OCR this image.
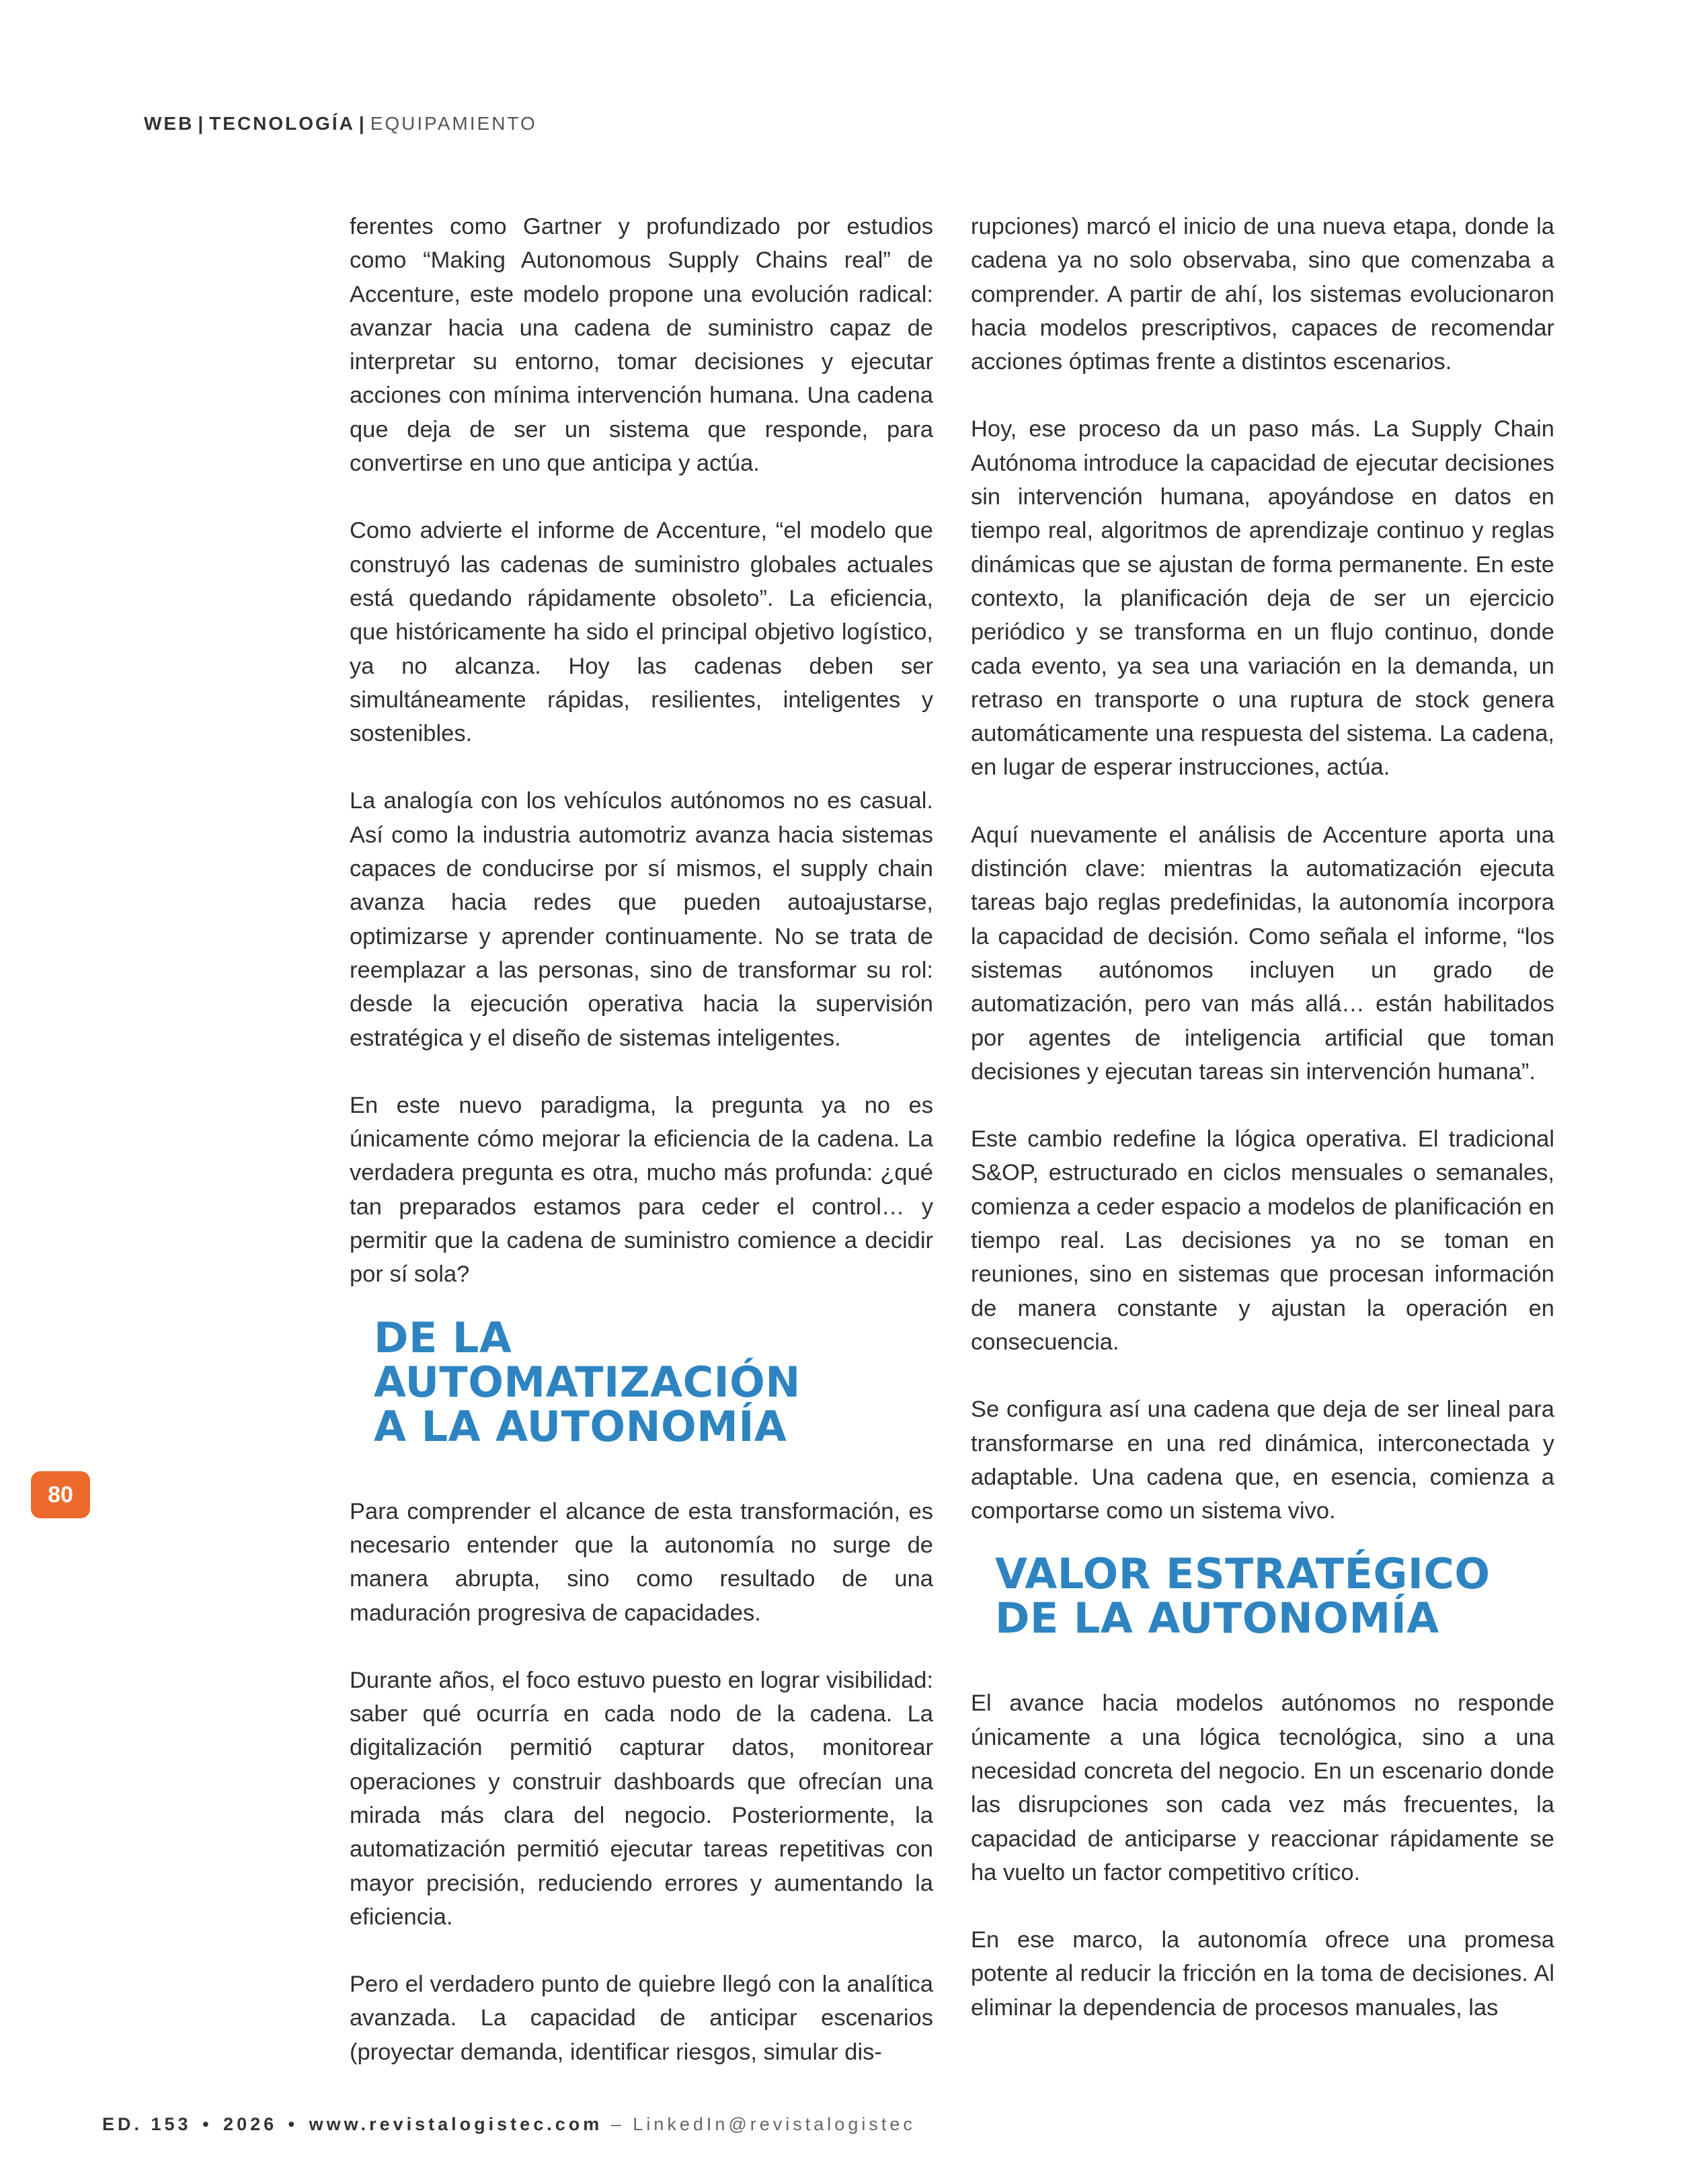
WEB | TECNOLOGÍA | EQUIPAMIENTO

ferentes como Gartner y profundizado por estudios como “Making Autonomous Supply Chains real” de Accenture, este modelo propone una evolución radical: avanzar hacia una cadena de suministro capaz de interpretar su entorno, tomar decisiones y ejecutar acciones con mínima intervención humana. Una cadena que deja de ser un sistema que responde, para convertirse en uno que anticipa y actúa.

Como advierte el informe de Accenture, “el modelo que construyó las cadenas de suministro globales actuales está quedando rápidamente obsoleto”. La eficiencia, que históricamente ha sido el principal objetivo logístico, ya no alcanza. Hoy las cadenas deben ser simultáneamente rápidas, resilientes, inteligentes y sostenibles.

La analogía con los vehículos autónomos no es casual. Así como la industria automotriz avanza hacia sistemas capaces de conducirse por sí mismos, el supply chain avanza hacia redes que pueden autoajustarse, optimizarse y aprender continuamente. No se trata de reemplazar a las personas, sino de transformar su rol: desde la ejecución operativa hacia la supervisión estratégica y el diseño de sistemas inteligentes.

En este nuevo paradigma, la pregunta ya no es únicamente cómo mejorar la eficiencia de la cadena. La verdadera pregunta es otra, mucho más profunda: ¿qué tan preparados estamos para ceder el control… y permitir que la cadena de suministro comience a decidir por sí sola?

DE LA AUTOMATIZACIÓN
A LA AUTONOMÍA

Para comprender el alcance de esta transformación, es necesario entender que la autonomía no surge de manera abrupta, sino como resultado de una maduración progresiva de capacidades.

Durante años, el foco estuvo puesto en lograr visibilidad: saber qué ocurría en cada nodo de la cadena. La digitalización permitió capturar datos, monitorear operaciones y construir dashboards que ofrecían una mirada más clara del negocio. Posteriormente, la automatización permitió ejecutar tareas repetitivas con mayor precisión, reduciendo errores y aumentando la eficiencia.

Pero el verdadero punto de quiebre llegó con la analítica avanzada. La capacidad de anticipar escenarios (proyectar demanda, identificar riesgos, simular dis-

rupciones) marcó el inicio de una nueva etapa, donde la cadena ya no solo observaba, sino que comenzaba a comprender. A partir de ahí, los sistemas evolucionaron hacia modelos prescriptivos, capaces de recomendar acciones óptimas frente a distintos escenarios.

Hoy, ese proceso da un paso más. La Supply Chain Autónoma introduce la capacidad de ejecutar decisiones sin intervención humana, apoyándose en datos en tiempo real, algoritmos de aprendizaje continuo y reglas dinámicas que se ajustan de forma permanente. En este contexto, la planificación deja de ser un ejercicio periódico y se transforma en un flujo continuo, donde cada evento, ya sea una variación en la demanda, un retraso en transporte o una ruptura de stock genera automáticamente una respuesta del sistema. La cadena, en lugar de esperar instrucciones, actúa.

Aquí nuevamente el análisis de Accenture aporta una distinción clave: mientras la automatización ejecuta tareas bajo reglas predefinidas, la autonomía incorpora la capacidad de decisión. Como señala el informe, “los sistemas autónomos incluyen un grado de automatización, pero van más allá… están habilitados por agentes de inteligencia artificial que toman decisiones y ejecutan tareas sin intervención humana”.

Este cambio redefine la lógica operativa. El tradicional S&OP, estructurado en ciclos mensuales o semanales, comienza a ceder espacio a modelos de planificación en tiempo real. Las decisiones ya no se toman en reuniones, sino en sistemas que procesan información de manera constante y ajustan la operación en consecuencia.

Se configura así una cadena que deja de ser lineal para transformarse en una red dinámica, interconectada y adaptable. Una cadena que, en esencia, comienza a comportarse como un sistema vivo.

VALOR ESTRATÉGICO
DE LA AUTONOMÍA

El avance hacia modelos autónomos no responde únicamente a una lógica tecnológica, sino a una necesidad concreta del negocio. En un escenario donde las disrupciones son cada vez más frecuentes, la capacidad de anticiparse y reaccionar rápidamente se ha vuelto un factor competitivo crítico.

En ese marco, la autonomía ofrece una promesa potente al reducir la fricción en la toma de decisiones. Al eliminar la dependencia de procesos manuales, las

80
ED. 153 • 2026 • www.revistalogistec.com – LinkedIn@revistalogistec
